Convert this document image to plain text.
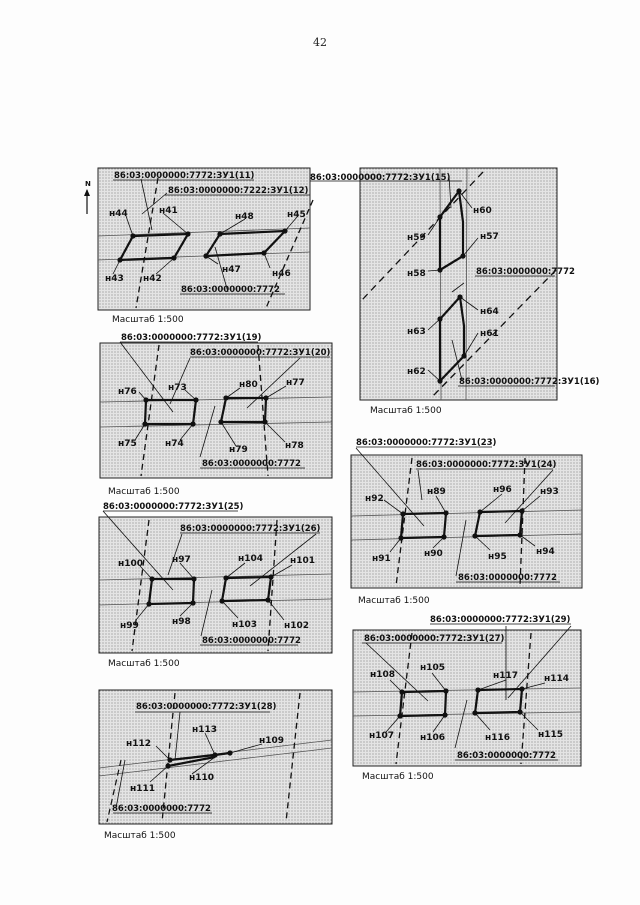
42
N
н44	н41
н48	н45
н43 н42
н47	н46
86:03:0000000:7772:ЗУ1(11)
86:03:0000000:7222:ЗУ1(12)
86:03:0000000:7772
Масштаб 1:500
н60
н59	н57
н58
н64
н63	н61
н62
86:03:0000000:7772:ЗУ1(15)
86:03:0000000:7772
86:03:0000000:7772:ЗУ1(16)
Масштаб 1:500
н76	н73	н80	н77
н75	н74
н79	н78
86:03:0000000:7772:ЗУ1(19)
86:03:0000000:7772:ЗУ1(20)
86:03:0000000:7772
Масштаб 1:500
н92
н89	н96	н93
н91	н90	н95	н94
86:03:0000000:7772:ЗУ1(23)
86:03:0000000:7772:ЗУ1(24)
86:03:0000000:7772
Масштаб 1:500
н100	н97	н104	н101
н99	н98	н103	н102
86:03:0000000:7772:ЗУ1(25)
86:03:0000000:7772:ЗУ1(26)
86:03:0000000:7772
Масштаб 1:500
н108
н105
н117	н114
н107	н106	н116	н115
86:03:0000000:7772:ЗУ1(29)
86:03:0000000:7772:ЗУ1(27)
86:03:0000000:7772
Масштаб 1:500
н112
н113
н109
н111
н110
86:03:0000000:7772:ЗУ1(28)
86:03:0000000:7772
Масштаб 1:500
